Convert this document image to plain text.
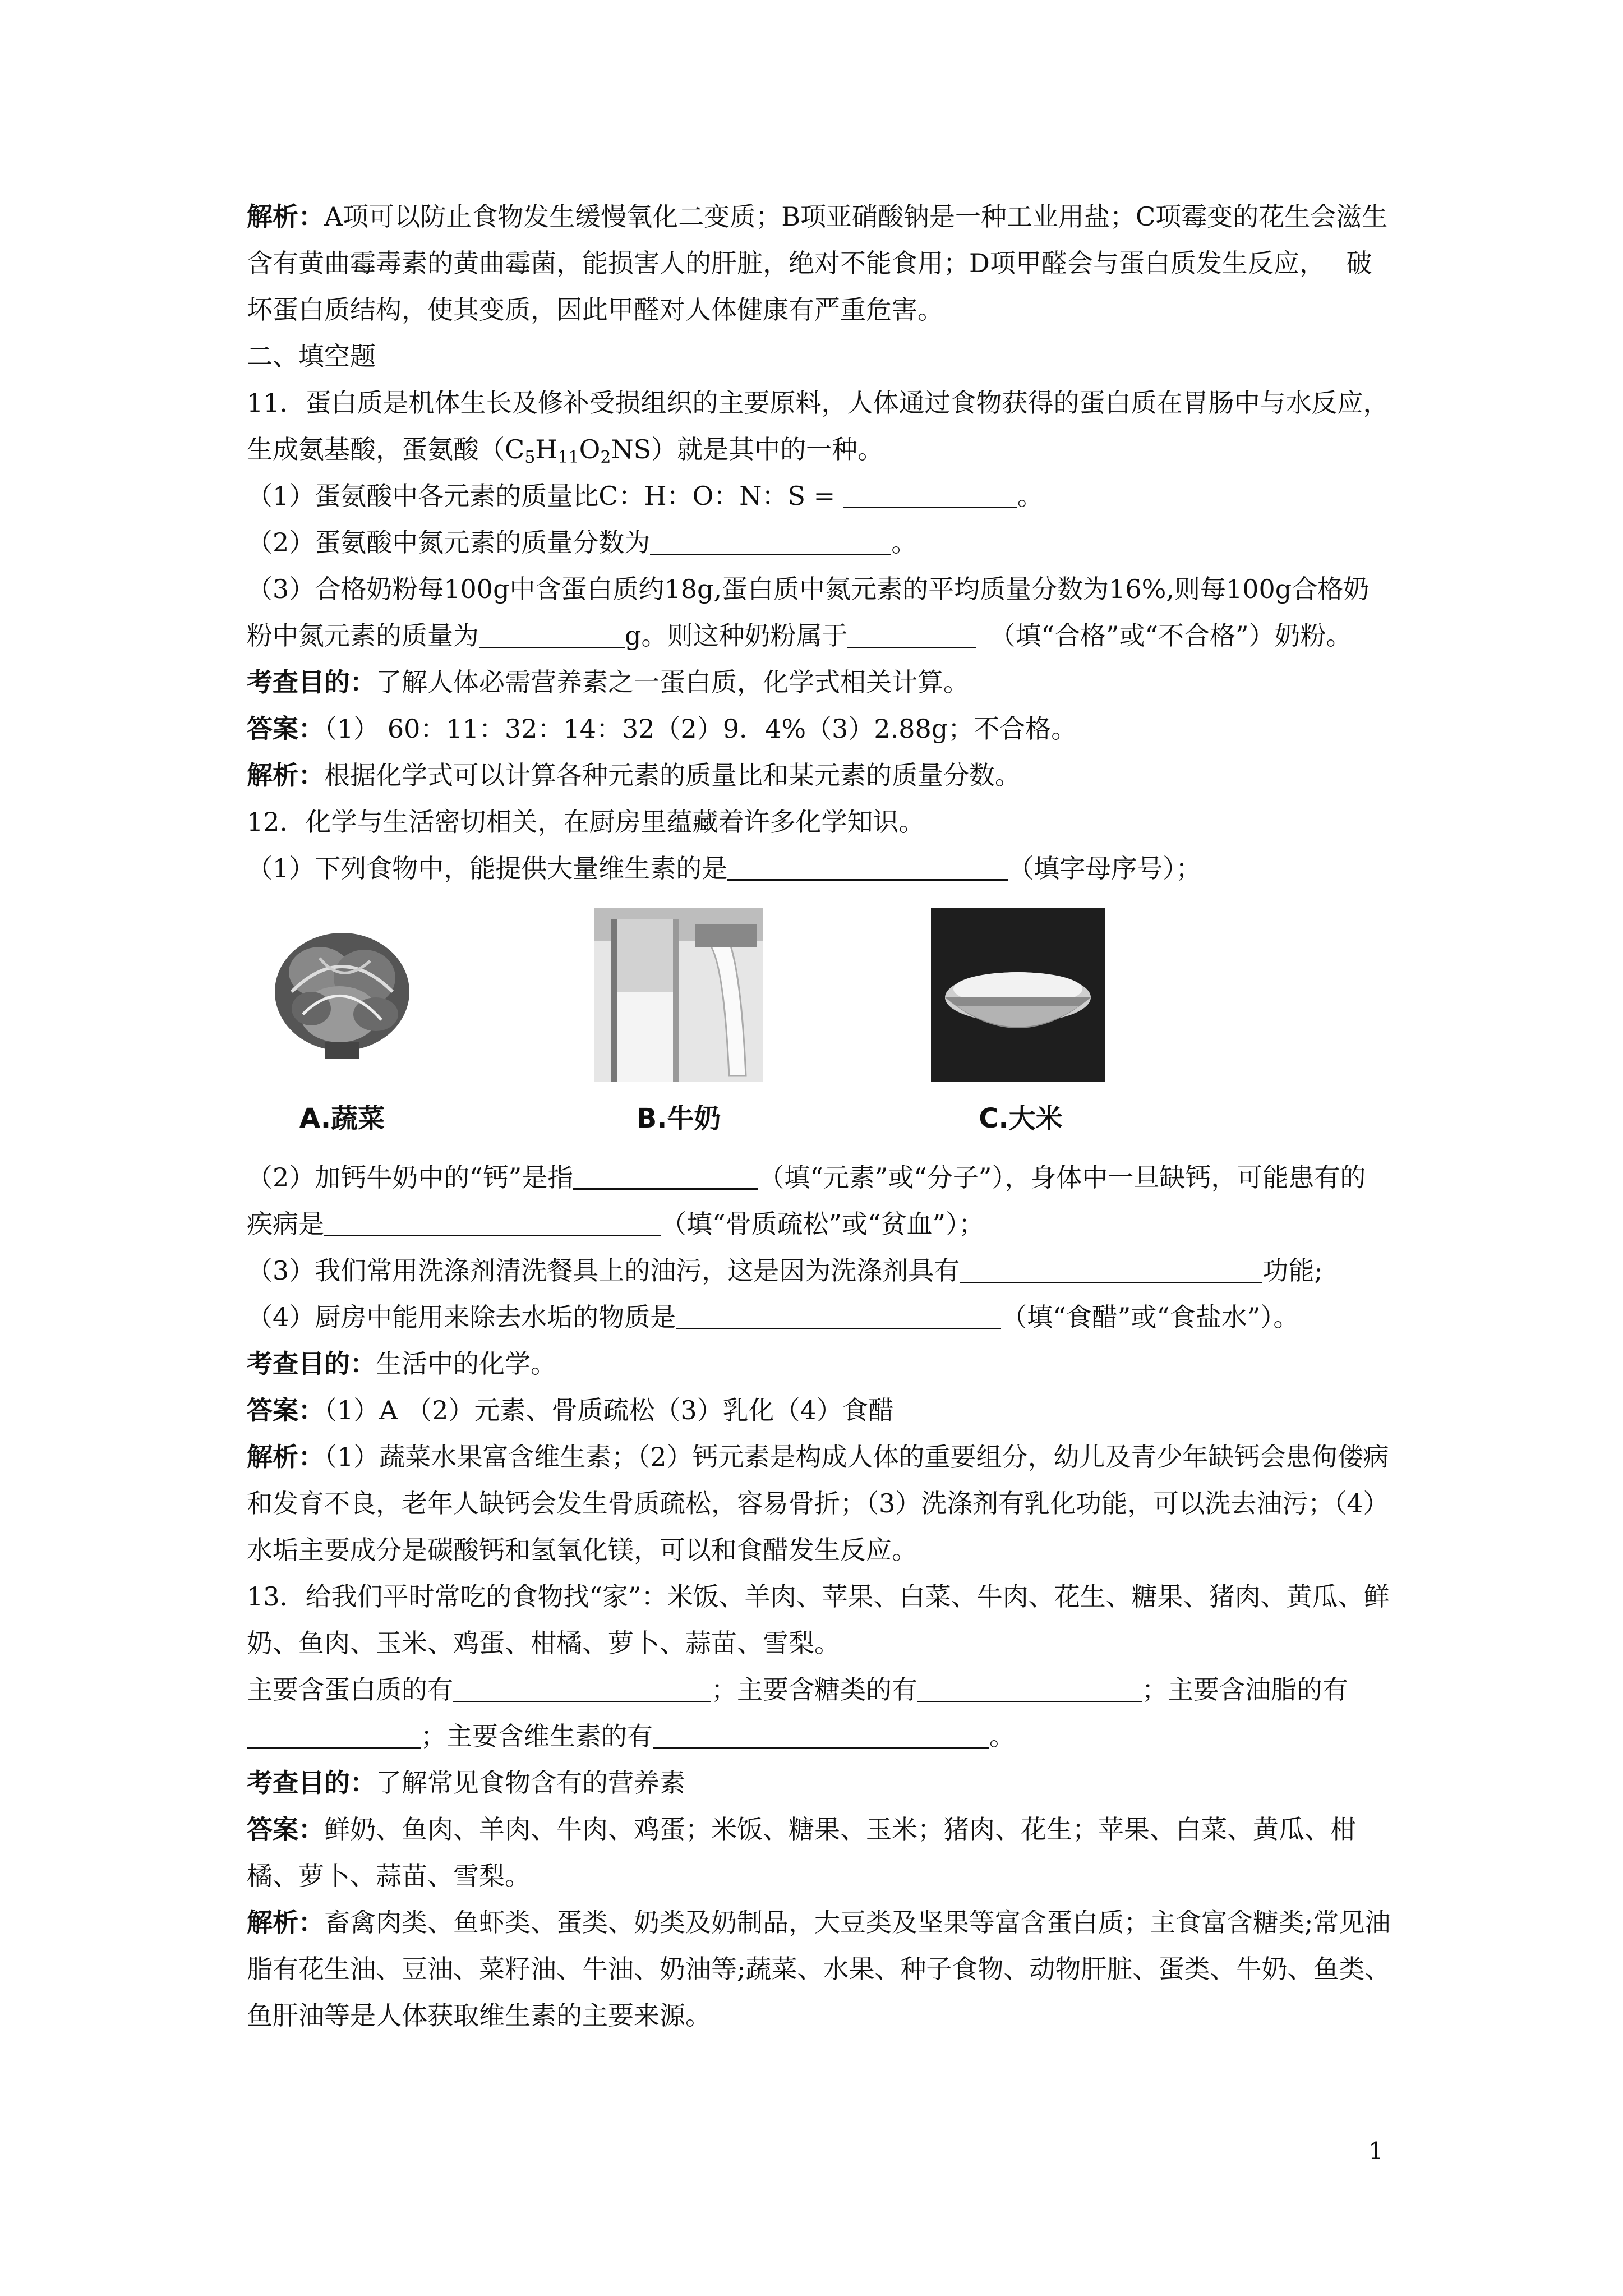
解析：A项可以防止食物发生缓慢氧化二变质；B项亚硝酸钠是一种工业用盐；C项霉变的花生会滋生含有黄曲霉毒素的黄曲霉菌，能损害人的肝脏，绝对不能食用；D项甲醛会与蛋白质发生反应，　 破坏蛋白质结构，使其变质，因此甲醛对人体健康有严重危害。

二、填空题

11．蛋白质是机体生长及修补受损组织的主要原料，人体通过食物获得的蛋白质在胃肠中与水反应，生成氨基酸，蛋氨酸$(C_5H_{11}O_2NS)$就是其中的一种。

（1）蛋氨酸中各元素的质量比C：H：O：N：S =	。

（2）蛋氨酸中氮元素的质量分数为	。

（3）合格奶粉每100g中含蛋白质约18g,蛋白质中氮元素的平均质量分数为16%,则每100g合格奶粉中氮元素的质量为	g。则这种奶粉属于	　（填“合格”或“不合格”）奶粉。

考查目的：了解人体必需营养素之一蛋白质，化学式相关计算。

答案：（1） 60：11：32：14：32（2）9．4%（3）2.88g；不合格。

解析：根据化学式可以计算各种元素的质量比和某元素的质量分数。

12．化学与生活密切相关，在厨房里蕴藏着许多化学知识。

（1）下列食物中，能提供大量维生素的是	（填字母序号）；

A.蔬菜	B.牛奶	C.大米

（2）加钙牛奶中的“钙”是指	（填“元素”或“分子”），身体中一旦缺钙，可能患有的疾病是	（填“骨质疏松”或“贫血”）；

（3）我们常用洗涤剂清洗餐具上的油污，这是因为洗涤剂具有	功能;

（4）厨房中能用来除去水垢的物质是	（填“食醋”或“食盐水”）。

考查目的：生活中的化学。

答案：（1）A （2）元素、骨质疏松（3）乳化（4）食醋

解析：（1）蔬菜水果富含维生素；（2）钙元素是构成人体的重要组分，幼儿及青少年缺钙会患佝偻病和发育不良，老年人缺钙会发生骨质疏松，容易骨折；（3）洗涤剂有乳化功能，可以洗去油污；（4）水垢主要成分是碳酸钙和氢氧化镁，可以和食醋发生反应。

13．给我们平时常吃的食物找“家”：米饭、羊肉、苹果、白菜、牛肉、花生、糖果、猪肉、黄瓜、鲜奶、鱼肉、玉米、鸡蛋、柑橘、萝卜、蒜苗、雪梨。

主要含蛋白质的有	；主要含糖类的有	；主要含油脂的有；主要含维生素的有	。

考查目的：了解常见食物含有的营养素

答案：鲜奶、鱼肉、羊肉、牛肉、鸡蛋；米饭、糖果、玉米；猪肉、花生；苹果、白菜、黄瓜、柑橘、萝卜、蒜苗、雪梨。

解析：畜禽肉类、鱼虾类、蛋类、奶类及奶制品，大豆类及坚果等富含蛋白质；主食富含糖类;常见油脂有花生油、豆油、菜籽油、牛油、奶油等;蔬菜、水果、种子食物、动物肝脏、蛋类、牛奶、鱼类、鱼肝油等是人体获取维生素的主要来源。

1
